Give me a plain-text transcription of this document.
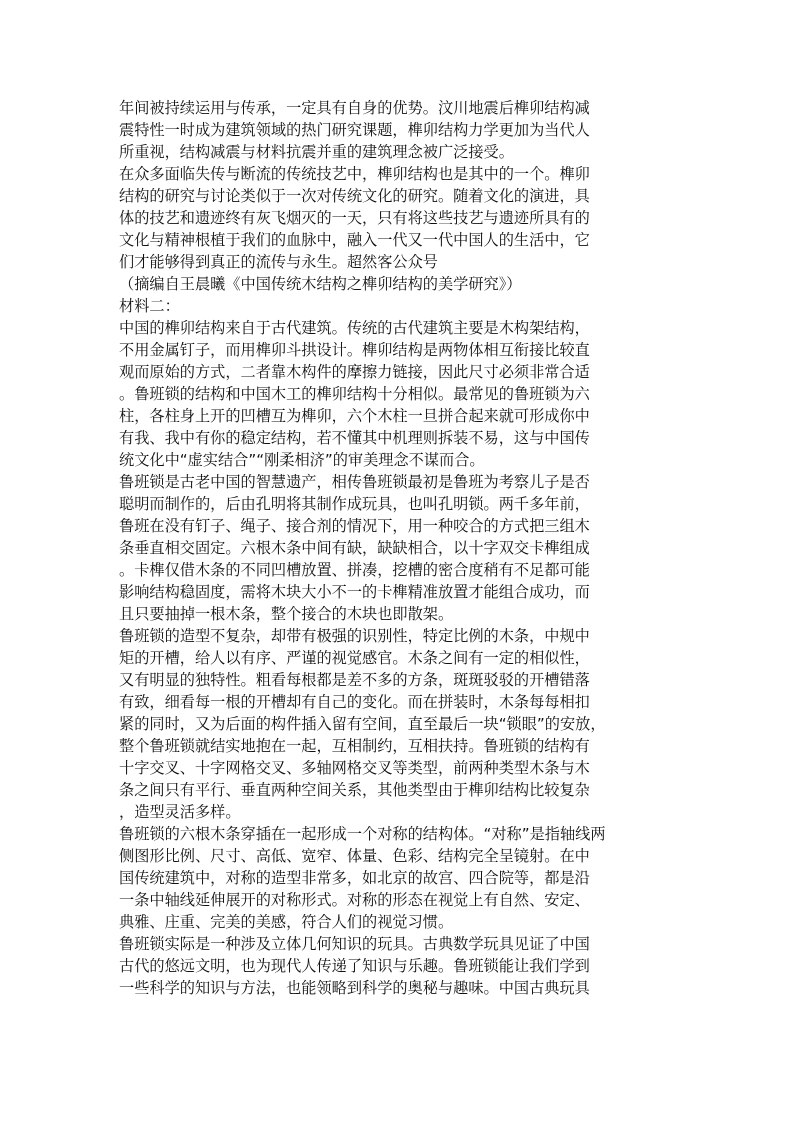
年间被持续运用与传承，一定具有自身的优势。汶川地震后榫卯结构减
震特性一时成为建筑领域的热门研究课题，榫卯结构力学更加为当代人
所重视，结构减震与材料抗震并重的建筑理念被广泛接受。
在众多面临失传与断流的传统技艺中，榫卯结构也是其中的一个。榫卯
结构的研究与讨论类似于一次对传统文化的研究。随着文化的演进，具
体的技艺和遗迹终有灰飞烟灭的一天，只有将这些技艺与遗迹所具有的
文化与精神根植于我们的血脉中，融入一代又一代中国人的生活中，它
们才能够得到真正的流传与永生。超然客公众号
（摘编自王晨曦《中国传统木结构之榫卯结构的美学研究》）
材料二：
中国的榫卯结构来自于古代建筑。传统的古代建筑主要是木构架结构，
不用金属钉子，而用榫卯斗拱设计。榫卯结构是两物体相互衔接比较直
观而原始的方式，二者靠木构件的摩擦力链接，因此尺寸必须非常合适
。鲁班锁的结构和中国木工的榫卯结构十分相似。最常见的鲁班锁为六
柱，各柱身上开的凹槽互为榫卯，六个木柱一旦拼合起来就可形成你中
有我、我中有你的稳定结构，若不懂其中机理则拆装不易，这与中国传
统文化中“虚实结合”“刚柔相济”的审美理念不谋而合。
鲁班锁是古老中国的智慧遗产，相传鲁班锁最初是鲁班为考察儿子是否
聪明而制作的，后由孔明将其制作成玩具，也叫孔明锁。两千多年前，
鲁班在没有钉子、绳子、接合剂的情况下，用一种咬合的方式把三组木
条垂直相交固定。六根木条中间有缺，缺缺相合，以十字双交卡榫组成
。卡榫仅借木条的不同凹槽放置、拼凑，挖槽的密合度稍有不足都可能
影响结构稳固度，需将木块大小不一的卡榫精准放置才能组合成功，而
且只要抽掉一根木条，整个接合的木块也即散架。
鲁班锁的造型不复杂，却带有极强的识别性，特定比例的木条，中规中
矩的开槽，给人以有序、严谨的视觉感官。木条之间有一定的相似性，
又有明显的独特性。粗看每根都是差不多的方条，斑斑驳驳的开槽错落
有致，细看每一根的开槽却有自己的变化。而在拼装时，木条每每相扣
紧的同时，又为后面的构件插入留有空间，直至最后一块“锁眼”的安放，
整个鲁班锁就结实地抱在一起，互相制约，互相扶持。鲁班锁的结构有
十字交叉、十字网格交叉、多轴网格交叉等类型，前两种类型木条与木
条之间只有平行、垂直两种空间关系，其他类型由于榫卯结构比较复杂
，造型灵活多样。
鲁班锁的六根木条穿插在一起形成一个对称的结构体。“对称”是指轴线两
侧图形比例、尺寸、高低、宽窄、体量、色彩、结构完全呈镜射。在中
国传统建筑中，对称的造型非常多，如北京的故宫、四合院等，都是沿
一条中轴线延伸展开的对称形式。对称的形态在视觉上有自然、安定、
典雅、庄重、完美的美感，符合人们的视觉习惯。
鲁班锁实际是一种涉及立体几何知识的玩具。古典数学玩具见证了中国
古代的悠远文明，也为现代人传递了知识与乐趣。鲁班锁能让我们学到
一些科学的知识与方法，也能领略到科学的奥秘与趣味。中国古典玩具
